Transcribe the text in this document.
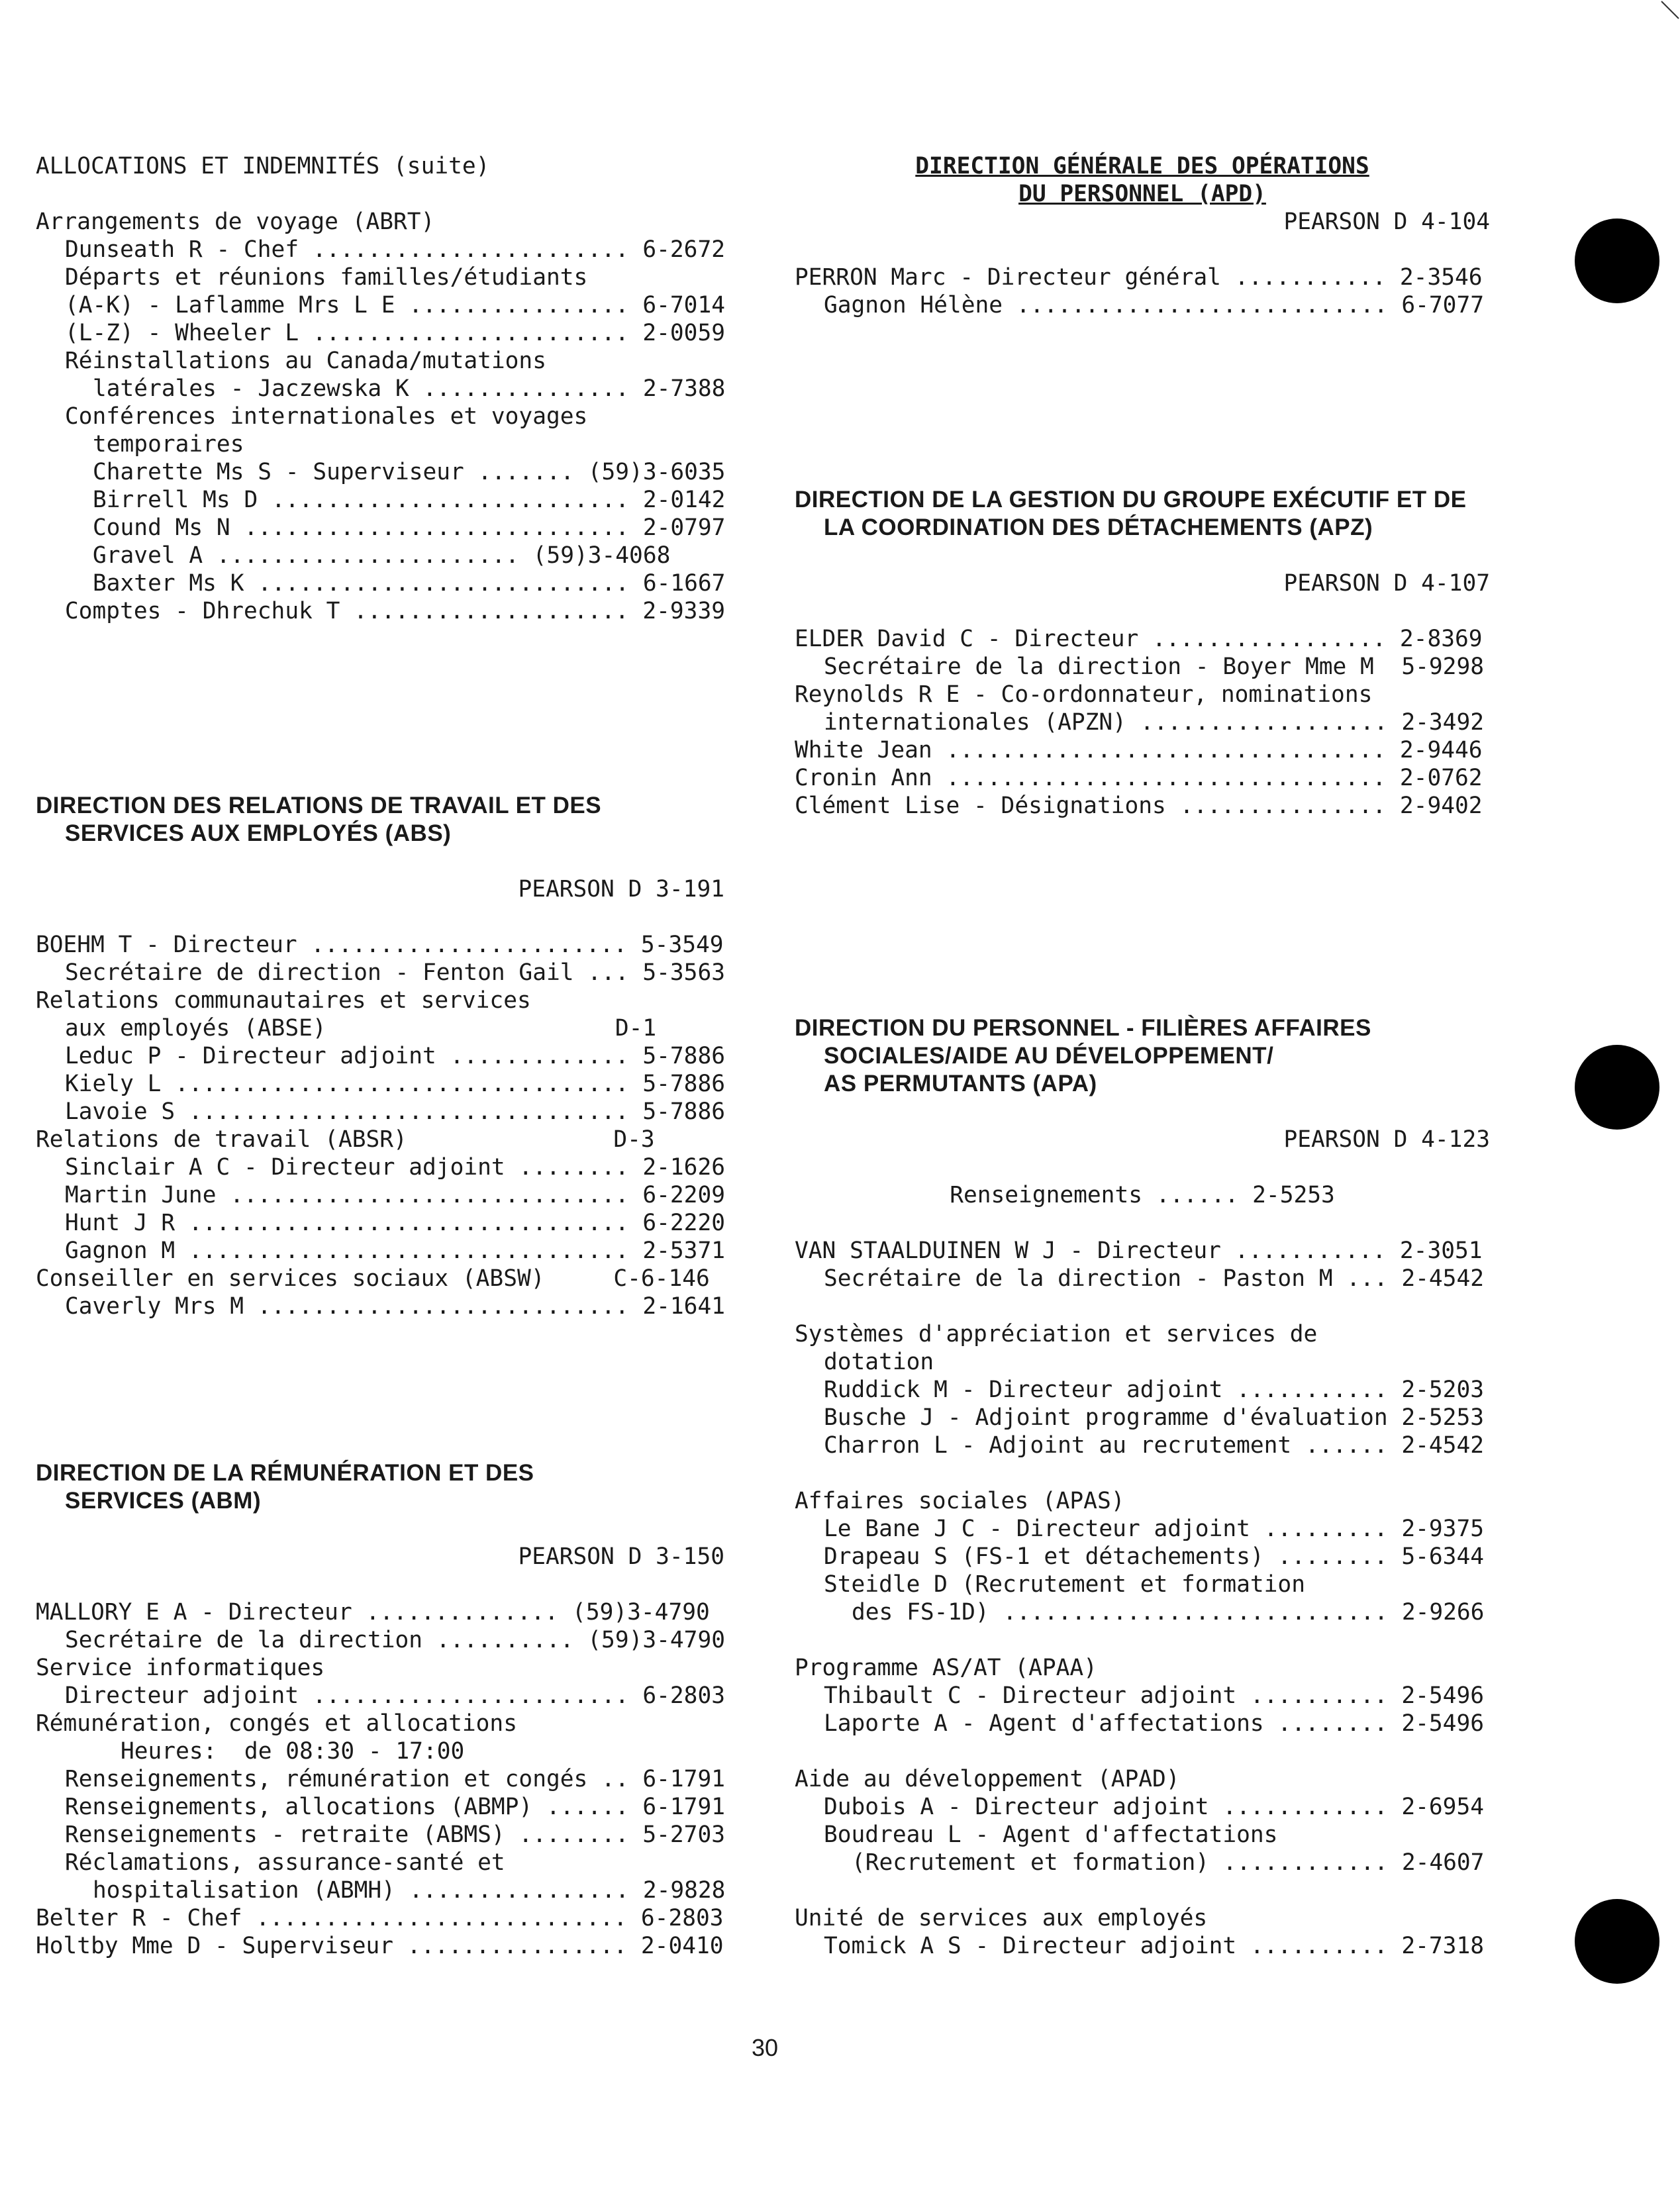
ALLOCATIONS ET INDEMNITÉS (suite)
Arrangements de voyage (ABRT)
Dunseath R - Chef ....................... 6-2672
Départs et réunions familles/étudiants
(A-K) - Laflamme Mrs L E ................ 6-7014
(L-Z) - Wheeler L ....................... 2-0059
Réinstallations au Canada/mutations
latérales - Jaczewska K ............... 2-7388
Conférences internationales et voyages
temporaires
Charette Ms S - Superviseur ....... (59)3-6035
Birrell Ms D .......................... 2-0142
Cound Ms N ............................ 2-0797
Gravel A ...................... (59)3-4068
Baxter Ms K ........................... 6-1667
Comptes - Dhrechuk T .................... 2-9339
DIRECTION DES RELATIONS DE TRAVAIL ET DES
SERVICES AUX EMPLOYÉS (ABS)
PEARSON D 3-191
BOEHM T - Directeur ....................... 5-3549
Secrétaire de direction - Fenton Gail ... 5-3563
Relations communautaires et services
aux employés (ABSE)                     D-1
Leduc P - Directeur adjoint ............. 5-7886
Kiely L ................................. 5-7886
Lavoie S ................................ 5-7886
Relations de travail (ABSR)               D-3
Sinclair A C - Directeur adjoint ........ 2-1626
Martin June ............................. 6-2209
Hunt J R ................................ 6-2220
Gagnon M ................................ 2-5371
Conseiller en services sociaux (ABSW)     C-6-146
Caverly Mrs M ........................... 2-1641
DIRECTION DE LA RÉMUNÉRATION ET DES
SERVICES (ABM)
PEARSON D 3-150
MALLORY E A - Directeur .............. (59)3-4790
Secrétaire de la direction .......... (59)3-4790
Service informatiques
Directeur adjoint ....................... 6-2803
Rémunération, congés et allocations
Heures:  de 08:30 - 17:00
Renseignements, rémunération et congés .. 6-1791
Renseignements, allocations (ABMP) ...... 6-1791
Renseignements - retraite (ABMS) ........ 5-2703
Réclamations, assurance-santé et
hospitalisation (ABMH) ................ 2-9828
Belter R - Chef ........................... 6-2803
Holtby Mme D - Superviseur ................ 2-0410
DIRECTION GÉNÉRALE DES OPÉRATIONS
DU PERSONNEL (APD)
PEARSON D 4-104
PERRON Marc - Directeur général ........... 2-3546
Gagnon Hélène ........................... 6-7077
DIRECTION DE LA GESTION DU GROUPE EXÉCUTIF ET DE
LA COORDINATION DES DÉTACHEMENTS (APZ)
PEARSON D 4-107
ELDER David C - Directeur ................. 2-8369
Secrétaire de la direction - Boyer Mme M  5-9298
Reynolds R E - Co-ordonnateur, nominations
internationales (APZN) .................. 2-3492
White Jean ................................ 2-9446
Cronin Ann ................................ 2-0762
Clément Lise - Désignations ............... 2-9402
DIRECTION DU PERSONNEL - FILIÈRES AFFAIRES
SOCIALES/AIDE AU DÉVELOPPEMENT/
AS PERMUTANTS (APA)
PEARSON D 4-123
Renseignements ...... 2-5253
VAN STAALDUINEN W J - Directeur ........... 2-3051
Secrétaire de la direction - Paston M ... 2-4542
Systèmes d'appréciation et services de
dotation
Ruddick M - Directeur adjoint ........... 2-5203
Busche J - Adjoint programme d'évaluation 2-5253
Charron L - Adjoint au recrutement ...... 2-4542
Affaires sociales (APAS)
Le Bane J C - Directeur adjoint ......... 2-9375
Drapeau S (FS-1 et détachements) ........ 5-6344
Steidle D (Recrutement et formation
des FS-1D) ............................ 2-9266
Programme AS/AT (APAA)
Thibault C - Directeur adjoint .......... 2-5496
Laporte A - Agent d'affectations ........ 2-5496
Aide au développement (APAD)
Dubois A - Directeur adjoint ............ 2-6954
Boudreau L - Agent d'affectations
(Recrutement et formation) ............ 2-4607
Unité de services aux employés
Tomick A S - Directeur adjoint .......... 2-7318
30
